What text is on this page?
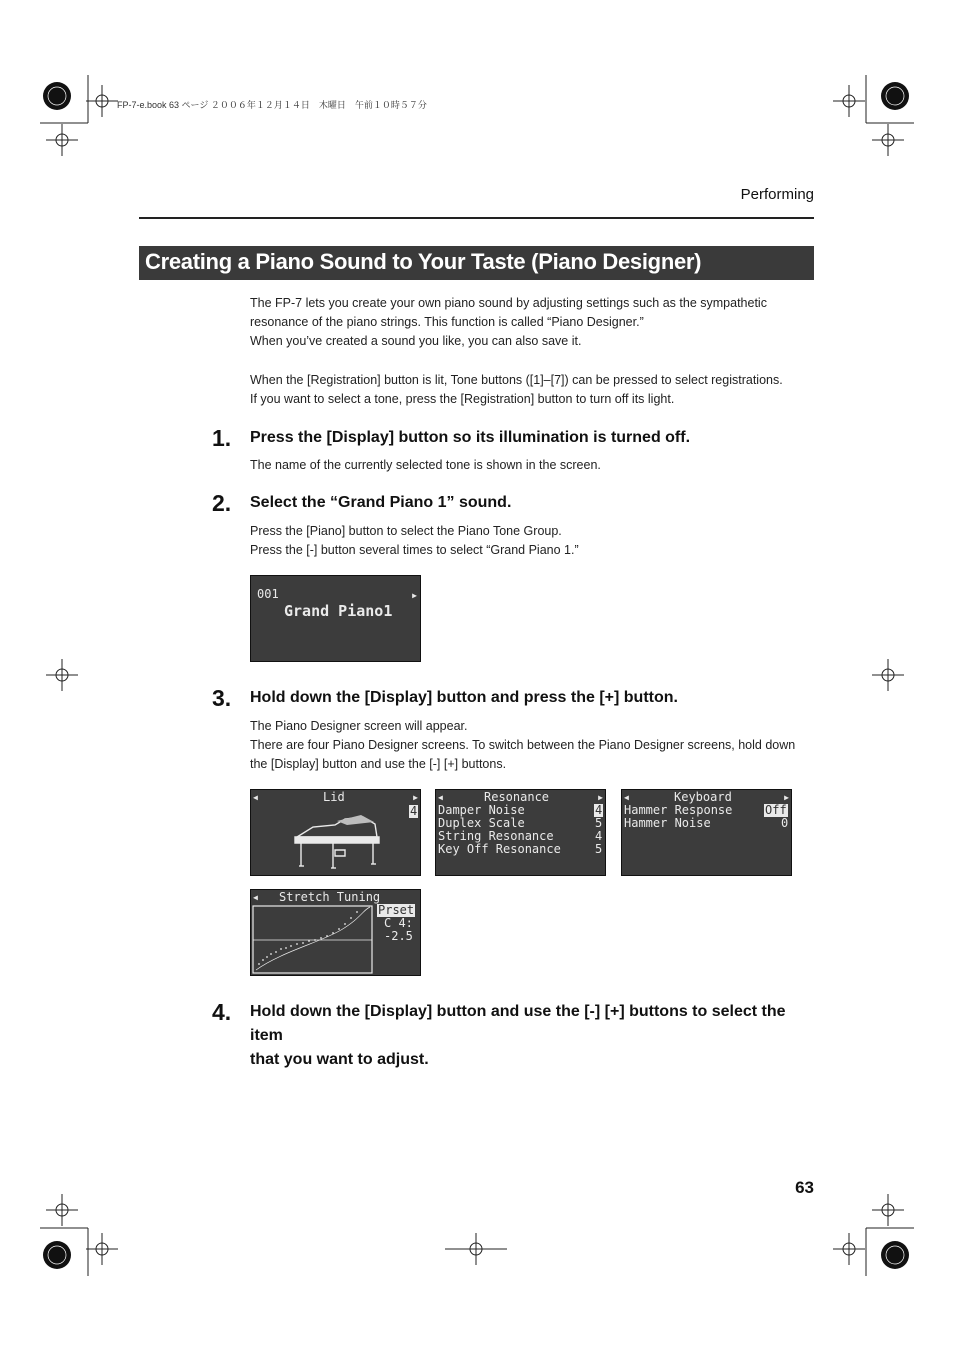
FP-7-e.book 63 ページ ２００６年１２月１４日　木曜日　午前１０時５７分
Performing
Creating a Piano Sound to Your Taste (Piano Designer)

The FP-7 lets you create your own piano sound by adjusting settings such as the sympathetic

resonance of the piano strings. This function is called “Piano Designer.”

When you’ve created a sound you like, you can also save it.

When the [Registration] button is lit, Tone buttons ([1]–[7]) can be pressed to select registrations.

If you want to select a tone, press the [Registration] button to turn off its light.

1. Press the [Display] button so its illumination is turned off.

The name of the currently selected tone is shown in the screen.

2. Select the “Grand Piano 1” sound.

Press the [Piano] button to select the Piano Tone Group.

Press the [-] button several times to select “Grand Piano 1.”

001
Grand Piano1
▶
3. Hold down the [Display] button and press the [+] button.

The Piano Designer screen will appear.

There are four Piano Designer screens. To switch between the Piano Designer screens, hold down

the [Display] button and use the [-] [+] buttons.

◀	Lid	▶
4
◀	Resonance	▶
Damper Noise	4
Duplex Scale	5
String Resonance	4
Key Off Resonance	5
◀	Keyboard	▶
Hammer Response	Off
Hammer Noise	0
◀ Stretch Tuning
Prset
C 4:
-2.5
4. Hold down the [Display] button and use the [-] [+] buttons to select the item
that you want to adjust.
63
